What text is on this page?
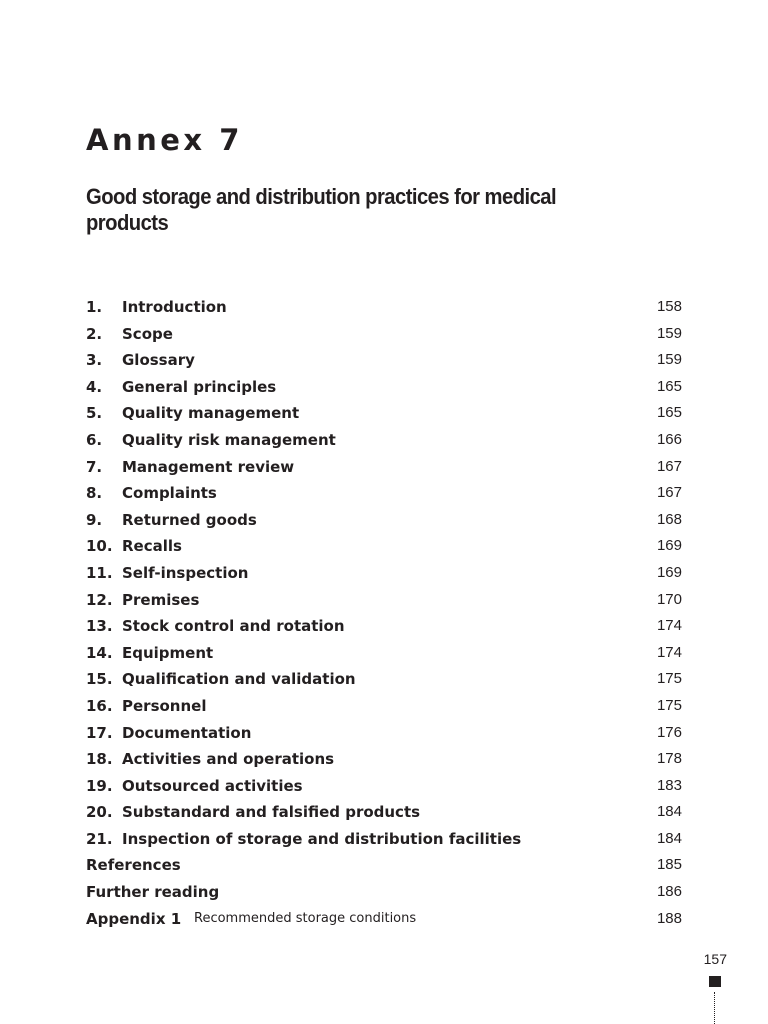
Annex 7
Good storage and distribution practices for medical products
1. Introduction	158
2. Scope	159
3. Glossary	159
4. General principles	165
5. Quality management	165
6. Quality risk management	166
7. Management review	167
8. Complaints	167
9. Returned goods	168
10. Recalls	169
11. Self-inspection	169
12. Premises	170
13. Stock control and rotation	174
14. Equipment	174
15. Qualification and validation	175
16. Personnel	175
17. Documentation	176
18. Activities and operations	178
19. Outsourced activities	183
20. Substandard and falsified products	184
21. Inspection of storage and distribution facilities	184
References	185
Further reading	186
Appendix 1 Recommended storage conditions	188
157
